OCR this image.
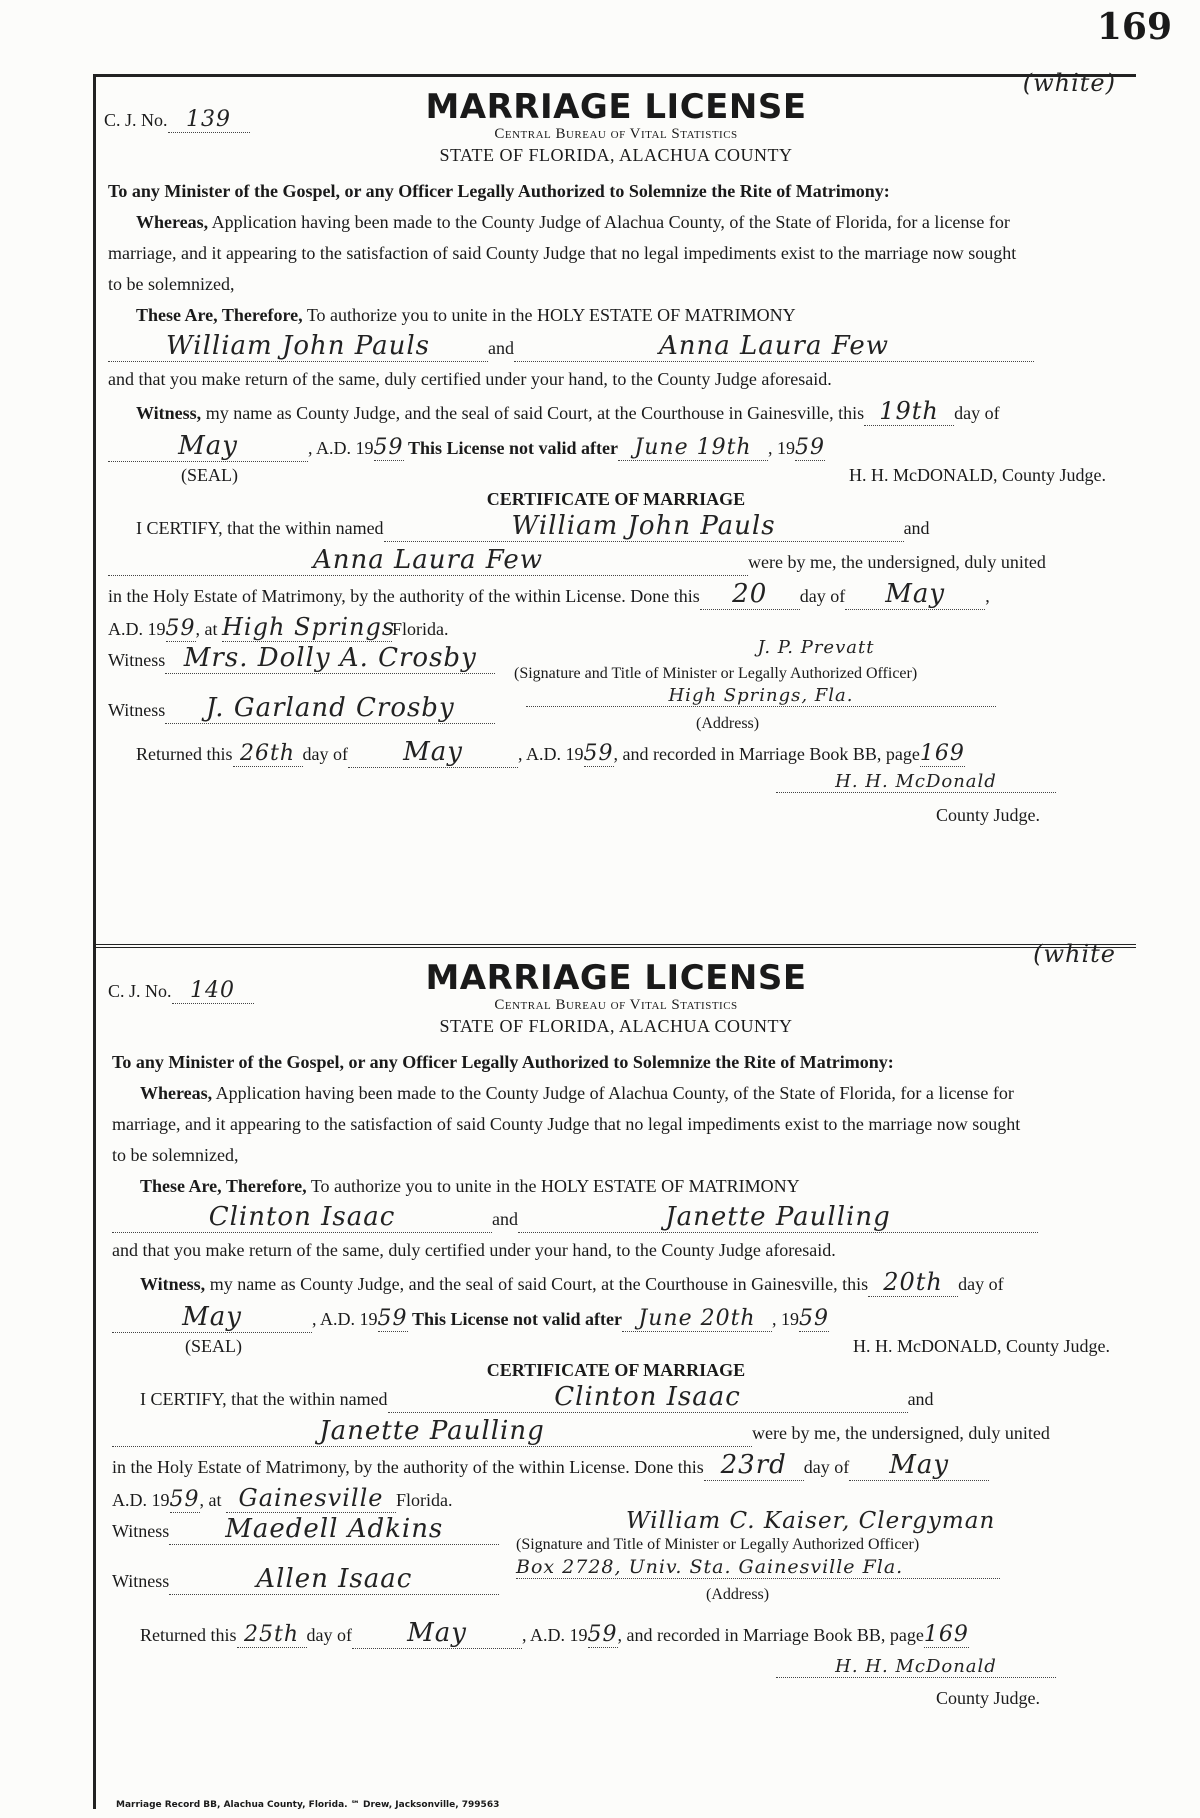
169
C. J. No. 139	MARRIAGE LICENSE
Central Bureau of Vital Statistics
STATE OF FLORIDA, ALACHUA COUNTY
(white)
To any Minister of the Gospel, or any Officer Legally Authorized to Solemnize the Rite of Matrimony:
Whereas, Application having been made to the County Judge of Alachua County, of the State of Florida, for a license for
marriage, and it appearing to the satisfaction of said County Judge that no legal impediments exist to the marriage now sought
to be solemnized,
These Are, Therefore, To authorize you to unite in the HOLY ESTATE OF MATRIMONY
William John Pauls	and	Anna Laura Few
and that you make return of the same, duly certified under your hand, to the County Judge aforesaid.
Witness, my name as County Judge, and the seal of said Court, at the Courthouse in Gainesville, this 19th day of
May	, A.D. 1959 This License not valid after June 19th , 1959
(SEAL)	H. H. McDONALD, County Judge.
CERTIFICATE OF MARRIAGE
I CERTIFY, that the within named	William John Pauls	and
Anna Laura Few	were by me, the undersigned, duly united
in the Holy Estate of Matrimony, by the authority of the within License. Done this 20 day of May ,
A.D. 1959, at High SpringsFlorida.
Witness Mrs. Dolly A. Crosby	J. P. Prevatt
(Signature and Title of Minister or Legally Authorized Officer)
Witness J. Garland Crosby	High Springs, Fla.
(Address)
Returned this 26th day of May	, A.D. 1959, and recorded in Marriage Book BB, page169
H. H. McDonald
County Judge.
C. J. No. 140	MARRIAGE LICENSE
Central Bureau of Vital Statistics
STATE OF FLORIDA, ALACHUA COUNTY
(white
To any Minister of the Gospel, or any Officer Legally Authorized to Solemnize the Rite of Matrimony:
Whereas, Application having been made to the County Judge of Alachua County, of the State of Florida, for a license for
marriage, and it appearing to the satisfaction of said County Judge that no legal impediments exist to the marriage now sought
to be solemnized,
These Are, Therefore, To authorize you to unite in the HOLY ESTATE OF MATRIMONY
Clinton Isaac	and	Janette Paulling
and that you make return of the same, duly certified under your hand, to the County Judge aforesaid.
Witness, my name as County Judge, and the seal of said Court, at the Courthouse in Gainesville, this 20th day of
May	, A.D. 1959 This License not valid after June 20th , 1959
(SEAL)	H. H. McDONALD, County Judge.
CERTIFICATE OF MARRIAGE
I CERTIFY, that the within named	Clinton Isaac	and
Janette Paulling	were by me, the undersigned, duly united
in the Holy Estate of Matrimony, by the authority of the within License. Done this 23rd day of May
A.D. 1959, at Gainesville Florida.
Witness Maedell Adkins	William C. Kaiser, Clergyman
(Signature and Title of Minister or Legally Authorized Officer)
Witness	Allen Isaac	Box 2728, Univ. Sta. Gainesville Fla.
(Address)
Returned this 25th day of May	, A.D. 1959, and recorded in Marriage Book BB, page169
H. H. McDonald
County Judge.
Marriage Record BB, Alachua County, Florida. ℠ Drew, Jacksonville, 799563
